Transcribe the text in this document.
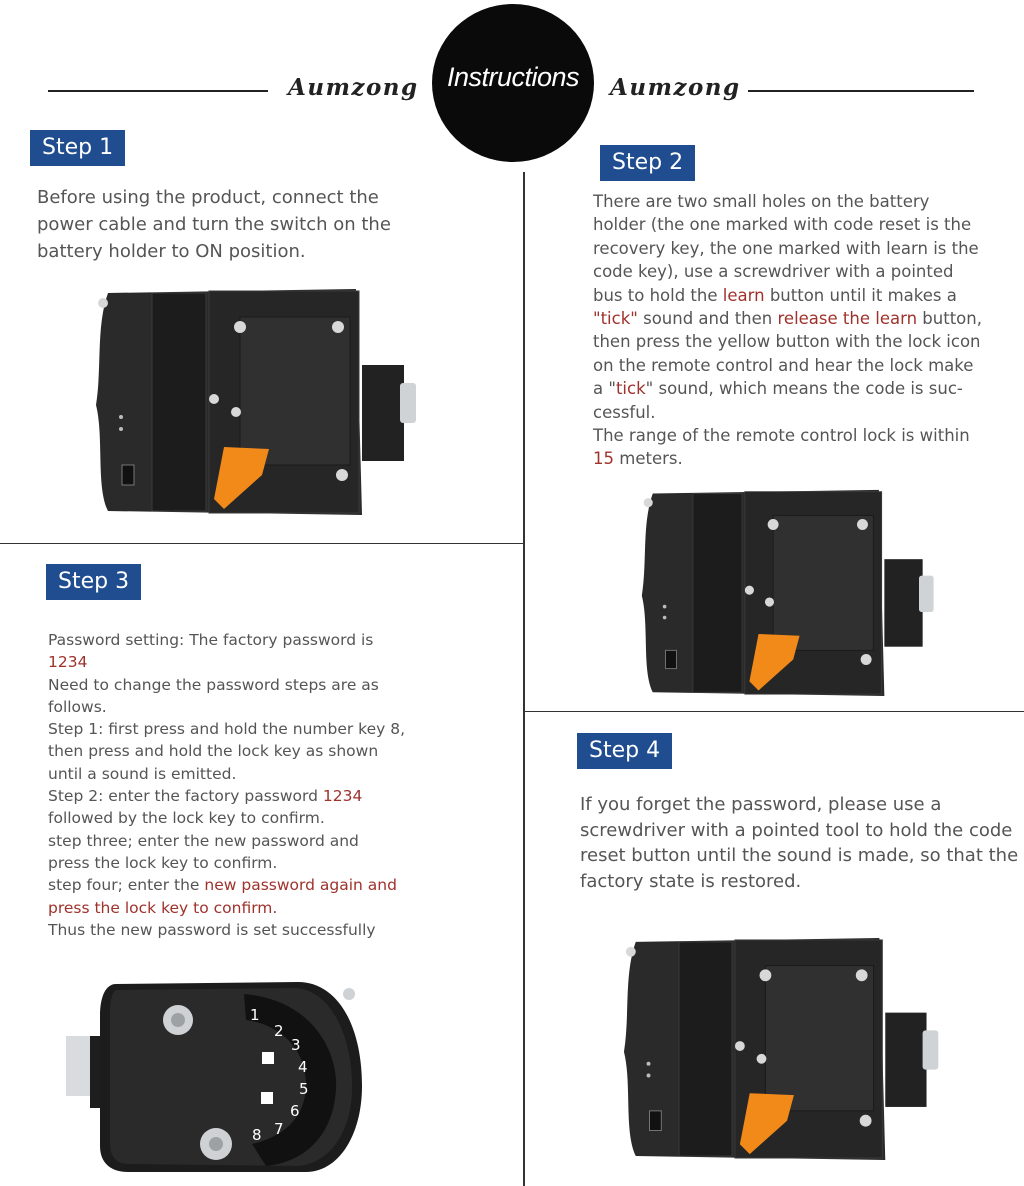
Aumzong	Aumzong
Instructions
Step 1
Before using the product, connect the power cable and turn the switch on the battery holder to ON position.
Step 2
There are two small holes on the battery
holder (the one marked with code reset is the
recovery key, the one marked with learn is the
code key), use a screwdriver with a pointed
bus to hold the learn button until it makes a
"tick" sound and then release the learn button,
then press the yellow button with the lock icon
on the remote control and hear the lock make
a "tick" sound, which means the code is suc-
cessful.
The range of the remote control lock is within
15 meters.
Step 3
Password setting: The factory password is
1234
Need to change the password steps are as
follows.
Step 1: first press and hold the number key 8,
then press and hold the lock key as shown
until a sound is emitted.
Step 2: enter the factory password 1234
followed by the lock key to confirm.
step three; enter the new password and
press the lock key to confirm.
step four; enter the new password again and
press the lock key to confirm.
Thus the new password is set successfully
1
2
3
4
5
6
7
8
Step 4
If you forget the password, please use a screwdriver with a pointed tool to hold the code reset button until the sound is made, so that the factory state is restored.
